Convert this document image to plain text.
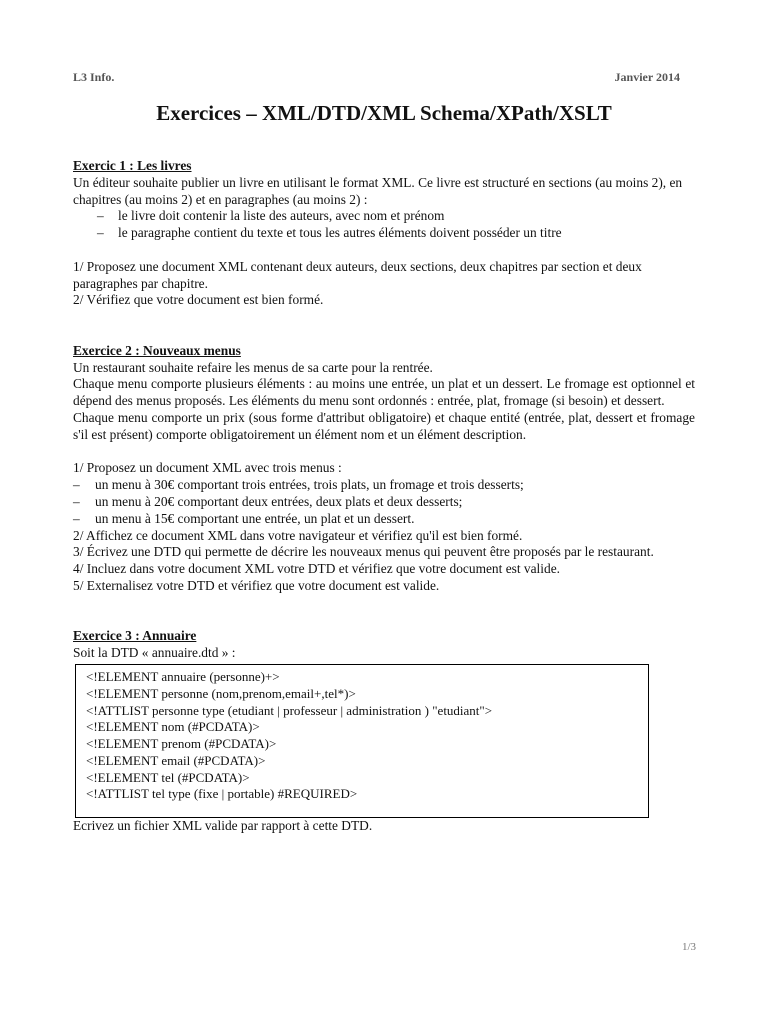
L3 Info.	Janvier 2014
Exercices – XML/DTD/XML Schema/XPath/XSLT

Exercic 1 : Les livres

Un éditeur souhaite publier un livre en utilisant le format XML. Ce livre est structuré en sections (au moins 2), en chapitres (au moins 2) et en paragraphes (au moins 2) :

– le livre doit contenir la liste des auteurs, avec nom et prénom
– le paragraphe contient du texte et tous les autres éléments doivent posséder un titre

1/ Proposez une document XML contenant deux auteurs, deux sections, deux chapitres par section et deux paragraphes par chapitre.

2/ Vérifiez que votre document est bien formé.

Exercice 2 : Nouveaux menus

Un restaurant souhaite refaire les menus de sa carte pour la rentrée.

Chaque menu comporte plusieurs éléments : au moins une entrée, un plat et un dessert. Le fromage est optionnel et dépend des menus proposés. Les éléments du menu sont ordonnés : entrée, plat, fromage (si besoin) et dessert.

Chaque menu comporte un prix (sous forme d'attribut obligatoire) et chaque entité (entrée, plat, dessert et fromage s'il est présent) comporte obligatoirement un élément nom et un élément description.

1/ Proposez un document XML avec trois menus :

– un menu à 30€ comportant trois entrées, trois plats, un fromage et trois desserts;
– un menu à 20€ comportant deux entrées, deux plats et deux desserts;
– un menu à 15€ comportant une entrée, un plat et un dessert.

2/ Affichez ce document XML dans votre navigateur et vérifiez qu'il est bien formé.

3/ Écrivez une DTD qui permette de décrire les nouveaux menus qui peuvent être proposés par le restaurant.

4/ Incluez dans votre document XML votre DTD et vérifiez que votre document est valide.

5/ Externalisez votre DTD et vérifiez que votre document est valide.

Exercice 3 : Annuaire

Soit la DTD « annuaire.dtd » :

<!ELEMENT annuaire (personne)+>
<!ELEMENT personne (nom,prenom,email+,tel*)>
<!ATTLIST personne type (etudiant | professeur | administration ) "etudiant">
<!ELEMENT nom (#PCDATA)>
<!ELEMENT prenom (#PCDATA)>
<!ELEMENT email (#PCDATA)>
<!ELEMENT tel (#PCDATA)>
<!ATTLIST tel type (fixe | portable) #REQUIRED>

Ecrivez un fichier XML valide par rapport à cette DTD.

1/3
